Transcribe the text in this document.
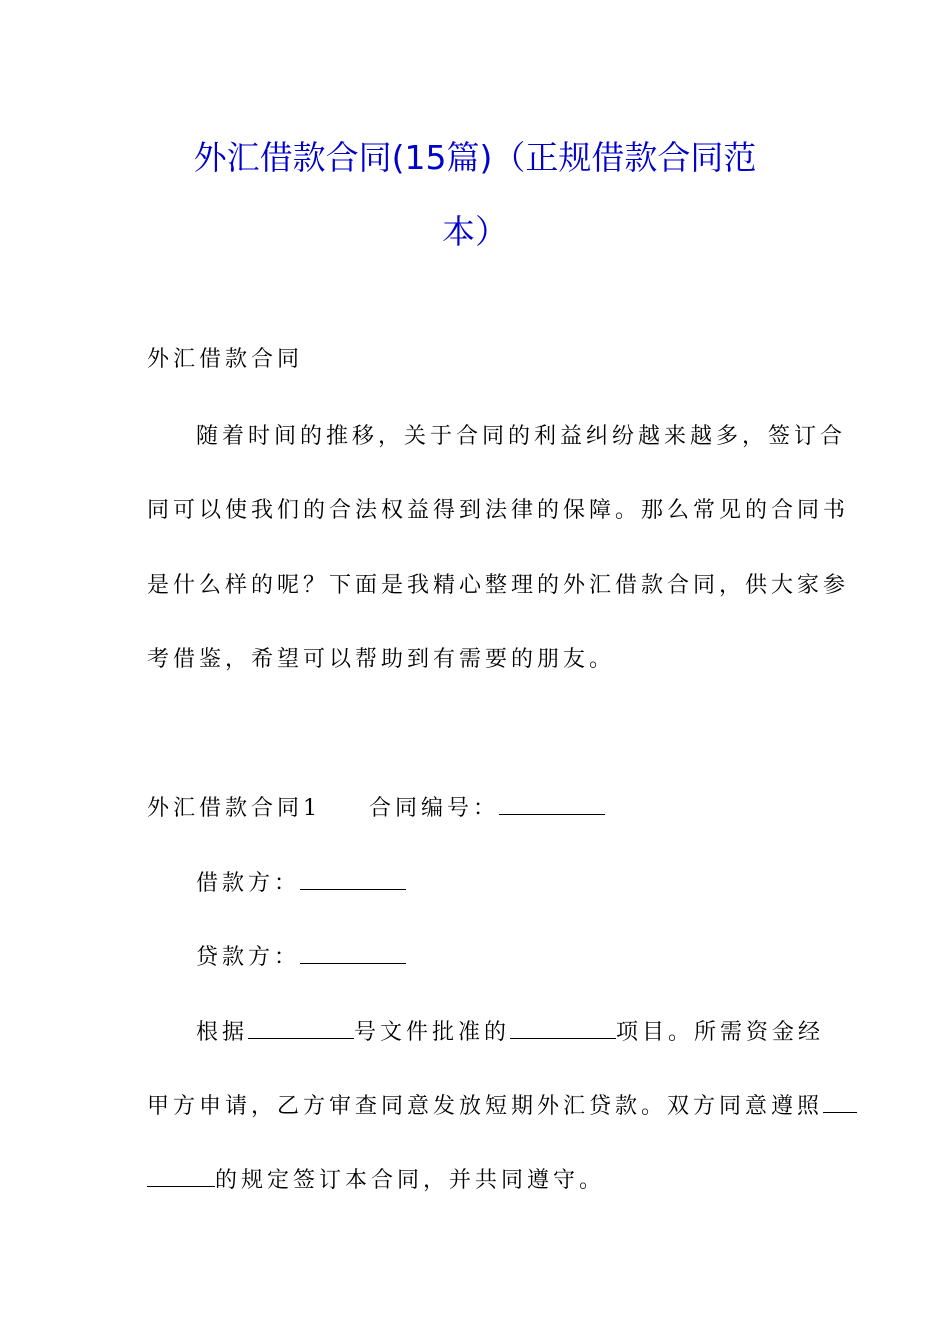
外汇借款合同(15篇)（正规借款合同范
本）
外汇借款合同
随着时间的推移，关于合同的利益纠纷越来越多，签订合
同可以使我们的合法权益得到法律的保障。那么常见的合同书
是什么样的呢？下面是我精心整理的外汇借款合同，供大家参
考借鉴，希望可以帮助到有需要的朋友。
外汇借款合同1 合同编号：
借款方：
贷款方：
根据	号文件批准的	项目。所需资金经
甲方申请，乙方审查同意发放短期外汇贷款。双方同意遵照
的规定签订本合同，并共同遵守。
